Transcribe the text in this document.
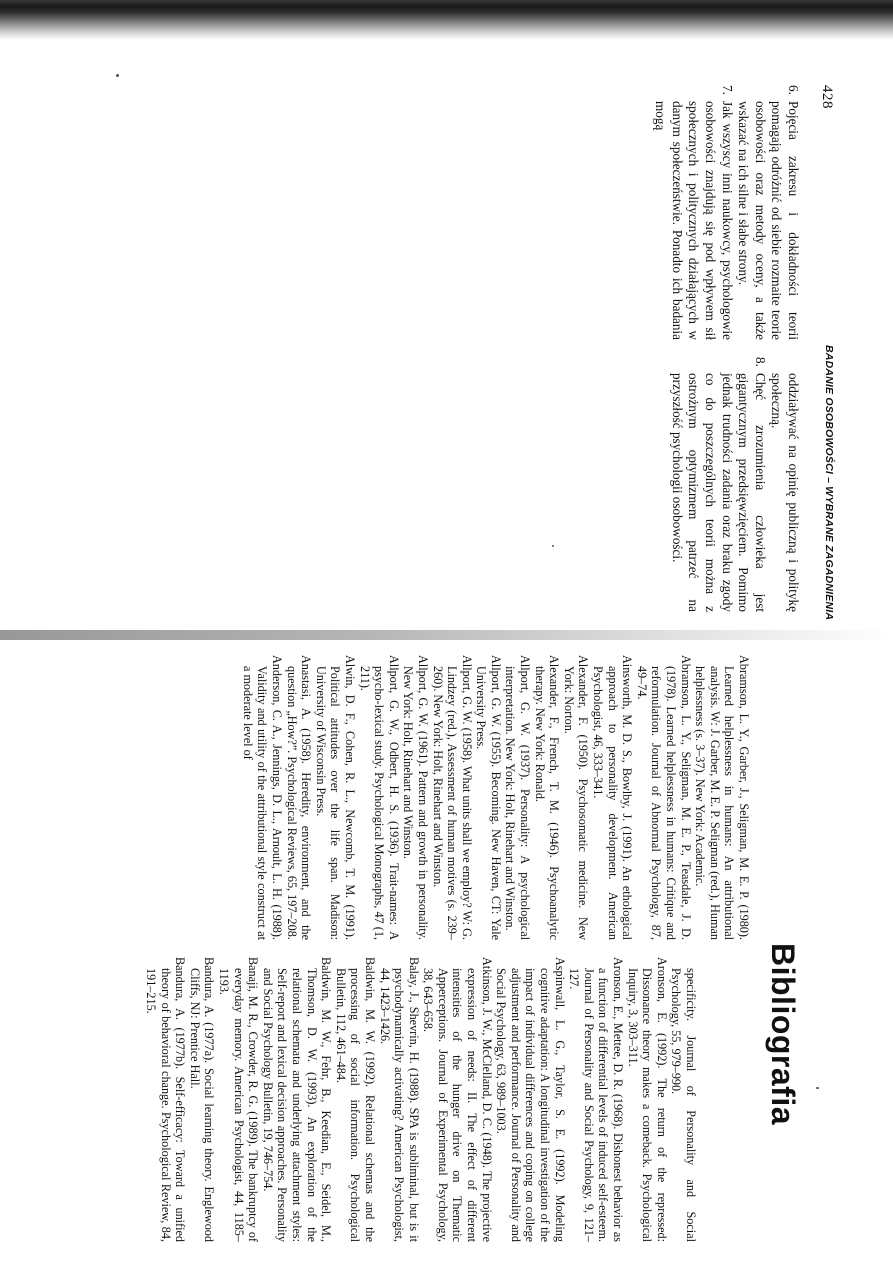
428
BADANIE OSOBOWOŚCI – WYBRANE ZAGADNIENIA

6.
Pojęcia zakresu i dokładności teorii pomagają odróżnić od siebie rozmaite teorie osobowości oraz metody oceny, a także wskazać na ich silne i słabe strony.

7.
Jak wszyscy inni naukowcy, psychologowie osobowości znajdują się pod wpływem sił społecznych i politycznych działających w danym społeczeństwie. Ponadto ich badania mogą

oddziaływać na opinię publiczną i politykę społeczną.

8.
Chęć zrozumienia człowieka jest gigantycznym przedsięwzięciem. Pomimo jednak trudności zadania oraz braku zgody co do poszczególnych teorii można z ostrożnym optymizmem patrzeć na przyszłość psychologii osobowości.

Bibliografia

Abramson, L. Y., Garber, J., Seligman, M. E. P. (1980). Learned helplessness in humans: An attributional analysis. W: J. Garber, M. E. P. Seligman (red.), Human helplessness (s. 3–37). New York: Academic.

Abramson, L. Y., Seligman, M. E. P., Teasdale, J. D. (1978). Learned helplessness in humans: Critique and reformulation. Journal of Abnormal Psychology, 87, 49–74.

Ainsworth, M. D. S., Bowlby, J. (1991). An ethological approach to personality development. American Psychologist, 46, 333–341.

Alexander, F. (1950). Psychosomatic medicine. New York: Norton.

Alexander, F., French, T. M. (1946). Psychoanalytic therapy. New York: Ronald.

Allport, G. W. (1937). Personality: A psychological interpretation. New York: Holt, Rinehart and Winston.

Allport, G. W. (1955). Becoming. New Haven, CT: Yale University Press.

Allport, G. W. (1958). What units shall we employ? W: G. Lindzey (red.), Assessment of human motives (s. 239–260). New York: Holt, Rinehart and Winston.

Allport, G. W. (1961). Pattern and growth in personality. New York: Holt, Rinehart and Winston.

Allport, G. W., Odbert, H. S. (1936). Trait-names: A psycho-lexical study. Psychological Monographs, 47 (1, 211).

Alwin, D. F., Cohen, R. L., Newcomb, T. M. (1991). Political attitudes over the life span. Madison: University of Wisconsin Press.

Anastasi, A. (1958). Heredity, environment, and the question „How?”. Psychological Reviews, 65, 197–208.

Anderson, C. A., Jennings, D. L., Arnoult, L. H. (1988). Validity and utility of the attributional style construct at a moderate level of

specificity. Journal of Personality and Social Psychology, 55, 979–990.

Aronson, E. (1992). The return of the repressed: Dissonance theory makes a comeback. Psychological Inquiry, 3, 303–311.

Aronson, E., Mettee, D. R. (1968). Dishonest behavior as a function of differential levels of induced self-esteem. Journal of Personality and Social Psychology, 9, 121–127.

Aspinwall, L. G., Taylor, S. E. (1992). Modeling cognitive adaptation: A longitudinal investigation of the impact of individual differences and coping on college adjustment and performance. Journal of Personality and Social Psychology, 63, 989–1003.

Atkinson, J. W., McClelland, D. C. (1948). The projective expression of needs: II. The effect of different intensities of the hunger drive on Thematic Apperceptions. Journal of Experimental Psychology, 38, 643–658.

Balay, J., Shevrin, H. (1988). SPA is subliminal, but is it psychodynamically activating? American Psychologist, 44, 1423–1426.

Baldwin, M. W. (1992). Relational schemas and the processing of social information. Psychological Bulletin, 112, 461–484.

Baldwin, M. W., Fehr, B., Keedian, E., Seidel, M., Thomson, D. W. (1993). An exploration of the relational schemata and underlying attachment styles: Self-report and lexical decision approaches. Personality and Social Psychology Bulletin, 19, 746–754.

Banaji, M. R., Crowder, R. G. (1989). The bankruptcy of everyday memory. American Psychologist, 44, 1185–1193.

Bandura, A. (1977a). Social learning theory. Englewood Cliffs, NJ: Prentice Hall.

Bandura, A. (1977b). Self-efficacy: Toward a unified theory of behavioral change. Psychological Review, 84, 191–215.
